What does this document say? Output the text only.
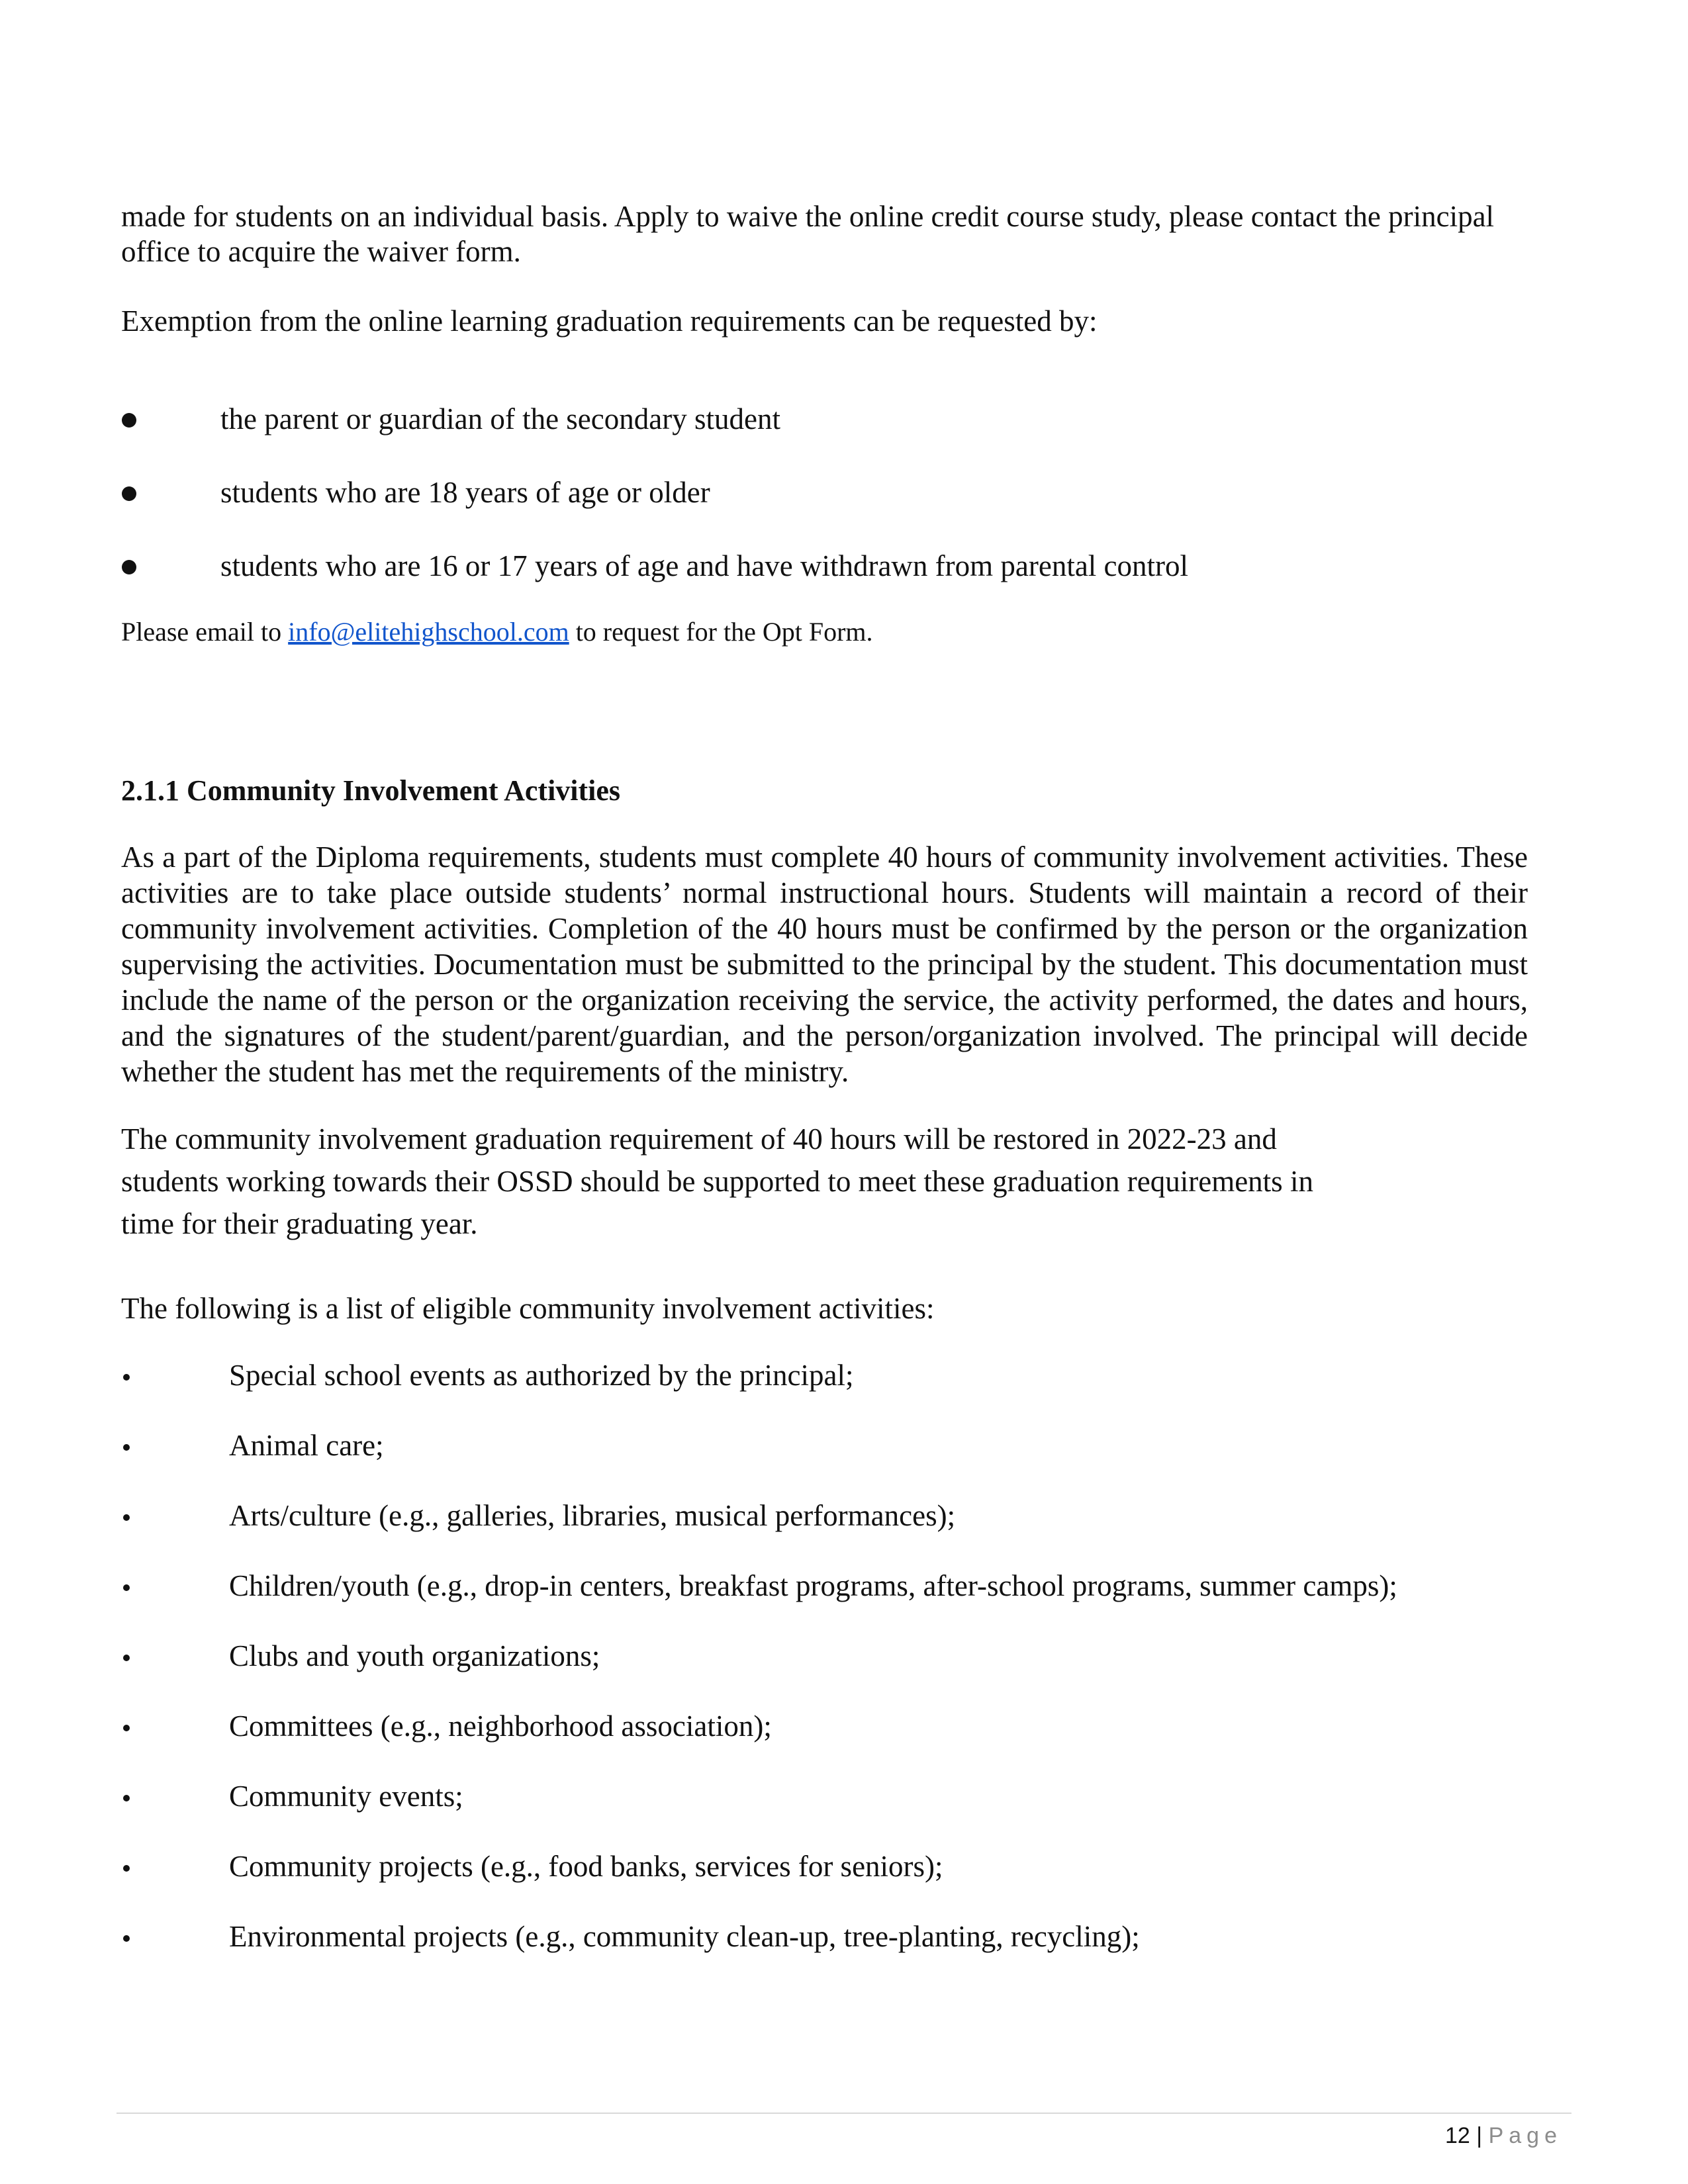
made for students on an individual basis. Apply to waive the online credit course study, please contact the principal

office to acquire the waiver form.

Exemption from the online learning graduation requirements can be requested by:

the parent or guardian of the secondary student
students who are 18 years of age or older
students who are 16 or 17 years of age and have withdrawn from parental control

Please email to info@elitehighschool.com to request for the Opt Form.

2.1.1 Community Involvement Activities

As a part of the Diploma requirements, students must complete 40 hours of community involvement activities. These activities are to take place outside students’ normal instructional hours. Students will maintain a record of their community involvement activities. Completion of the 40 hours must be confirmed by the person or the organization supervising the activities. Documentation must be submitted to the principal by the student. This documentation must include the name of the person or the organization receiving the service, the activity performed, the dates and hours, and the signatures of the student/parent/guardian, and the person/organization involved. The principal will decide whether the student has met the requirements of the ministry.

The community involvement graduation requirement of 40 hours will be restored in 2022-23 and

students working towards their OSSD should be supported to meet these graduation requirements in

time for their graduating year.

The following is a list of eligible community involvement activities:

Special school events as authorized by the principal;
Animal care;
Arts/culture (e.g., galleries, libraries, musical performances);
Children/youth (e.g., drop-in centers, breakfast programs, after-school programs, summer camps);
Clubs and youth organizations;
Committees (e.g., neighborhood association);
Community events;
Community projects (e.g., food banks, services for seniors);
Environmental projects (e.g., community clean-up, tree-planting, recycling);
12 | Page
